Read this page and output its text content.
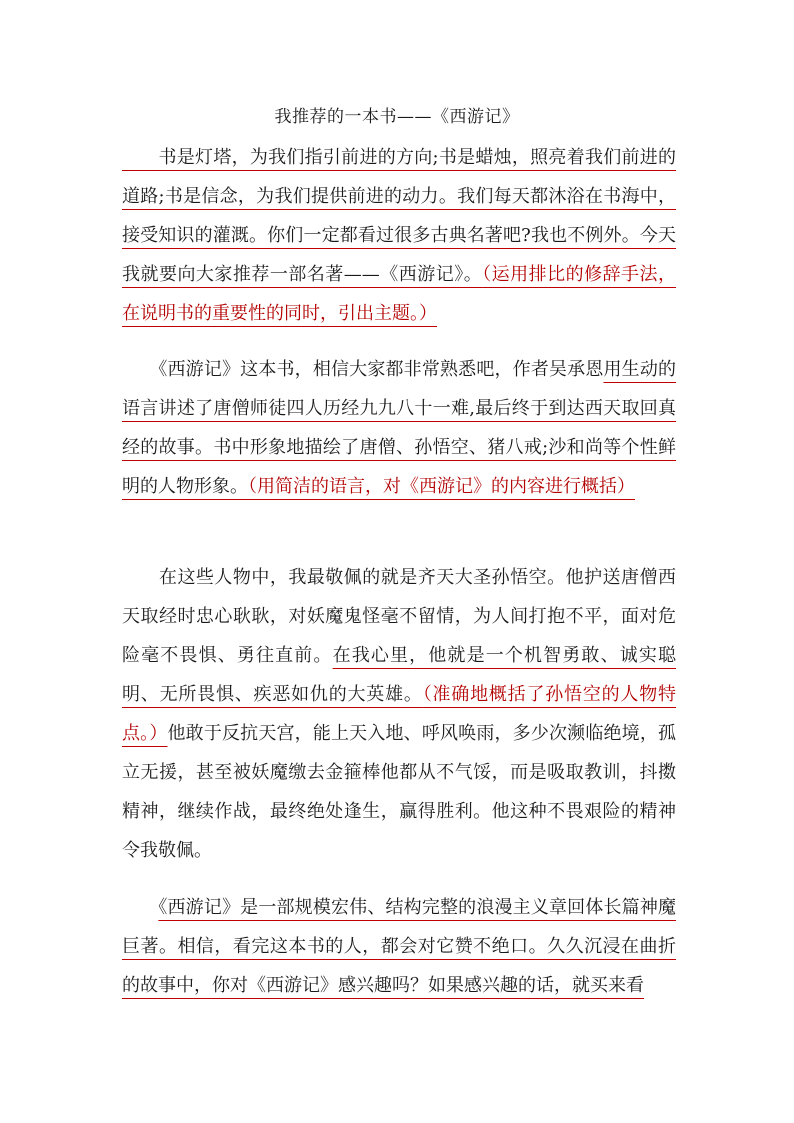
我推荐的一本书——《西游记》

　　书是灯塔，为我们指引前进的方向;书是蜡烛，照亮着我们前进的道路;书是信念，为我们提供前进的动力。我们每天都沐浴在书海中，接受知识的灌溉。你们一定都看过很多古典名著吧?我也不例外。今天我就要向大家推荐一部名著——《西游记》。（运用排比的修辞手法，在说明书的重要性的同时，引出主题。）

　　《西游记》这本书，相信大家都非常熟悉吧，作者吴承恩用生动的语言讲述了唐僧师徒四人历经九九八十一难,最后终于到达西天取回真经的故事。书中形象地描绘了唐僧、孙悟空、猪八戒;沙和尚等个性鲜明的人物形象。（用简洁的语言，对《西游记》的内容进行概括）

　　在这些人物中，我最敬佩的就是齐天大圣孙悟空。他护送唐僧西天取经时忠心耿耿，对妖魔鬼怪毫不留情，为人间打抱不平，面对危险毫不畏惧、勇往直前。在我心里，他就是一个机智勇敢、诚实聪明、无所畏惧、疾恶如仇的大英雄。（准确地概括了孙悟空的人物特点。）他敢于反抗天宫，能上天入地、呼风唤雨，多少次濒临绝境，孤立无援，甚至被妖魔缴去金箍棒他都从不气馁，而是吸取教训，抖擞精神，继续作战，最终绝处逢生，赢得胜利。他这种不畏艰险的精神令我敬佩。

　　《西游记》是一部规模宏伟、结构完整的浪漫主义章回体长篇神魔巨著。相信，看完这本书的人，都会对它赞不绝口。久久沉浸在曲折的故事中，你对《西游记》感兴趣吗？如果感兴趣的话，就买来看
